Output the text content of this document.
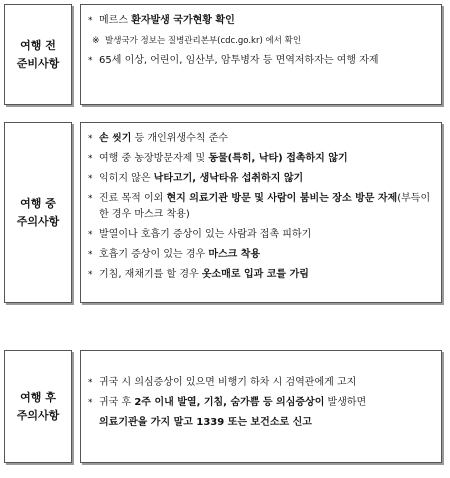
여행 전
준비사항
* 메르스 환자발생 국가현황 확인
※ 발생국가 정보는 질병관리본부(cdc.go.kr) 에서 확인
* 65세 이상, 어린이, 임산부, 암투병자 등 면역저하자는 여행 자제
여행 중
주의사항
* 손 씻기 등 개인위생수칙 준수
* 여행 중 농장방문자제 및 동물(특히, 낙타) 접촉하지 않기
* 익히지 않은 낙타고기, 생낙타유 섭취하지 않기
* 진료 목적 이외 현지 의료기관 방문 및 사람이 붐비는 장소 방문 자제(부득이한 경우 마스크 착용)
* 발열이나 호흡기 증상이 있는 사람과 접촉 피하기
* 호흡기 증상이 있는 경우 마스크 착용
* 기침, 재채기를 할 경우 옷소매로 입과 코를 가림
여행 후
주의사항
* 귀국 시 의심증상이 있으면 비행기 하차 시 검역관에게 고지
* 귀국 후 2주 이내 발열, 기침, 숨가쁨 등 의심증상이 발생하면
의료기관을 가지 말고 1339 또는 보건소로 신고
